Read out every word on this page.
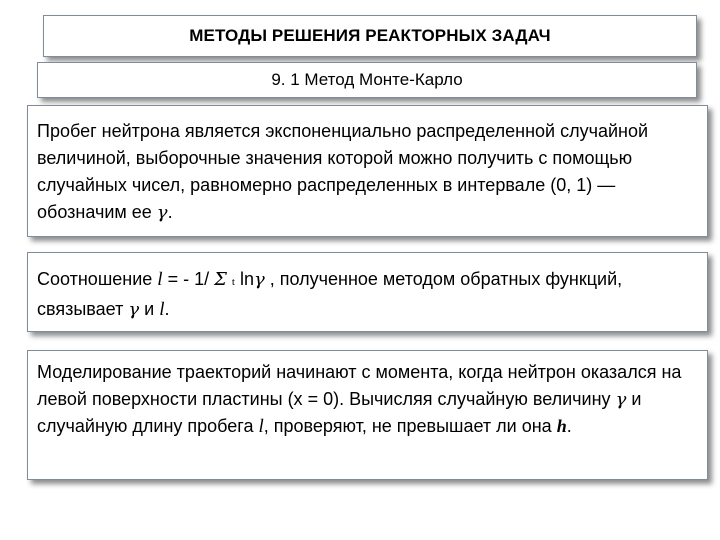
МЕТОДЫ РЕШЕНИЯ РЕАКТОРНЫХ ЗАДАЧ
9. 1 Метод Монте-Карло
Пробег нейтрона является экспоненциально распределенной случайной величиной, выборочные значения которой можно получить с помощью случайных чисел, равномерно распределенных в интервале (0, 1) — обозначим ее γ.
Соотношение l = - 1/ Σ t lnγ , полученное методом обратных функций, связывает γ и l.
Моделирование траекторий начинают с момента, когда нейтрон оказался на левой поверхности пластины (x = 0). Вычисляя случайную величину γ и случайную длину пробега l, проверяют, не превышает ли она h.
